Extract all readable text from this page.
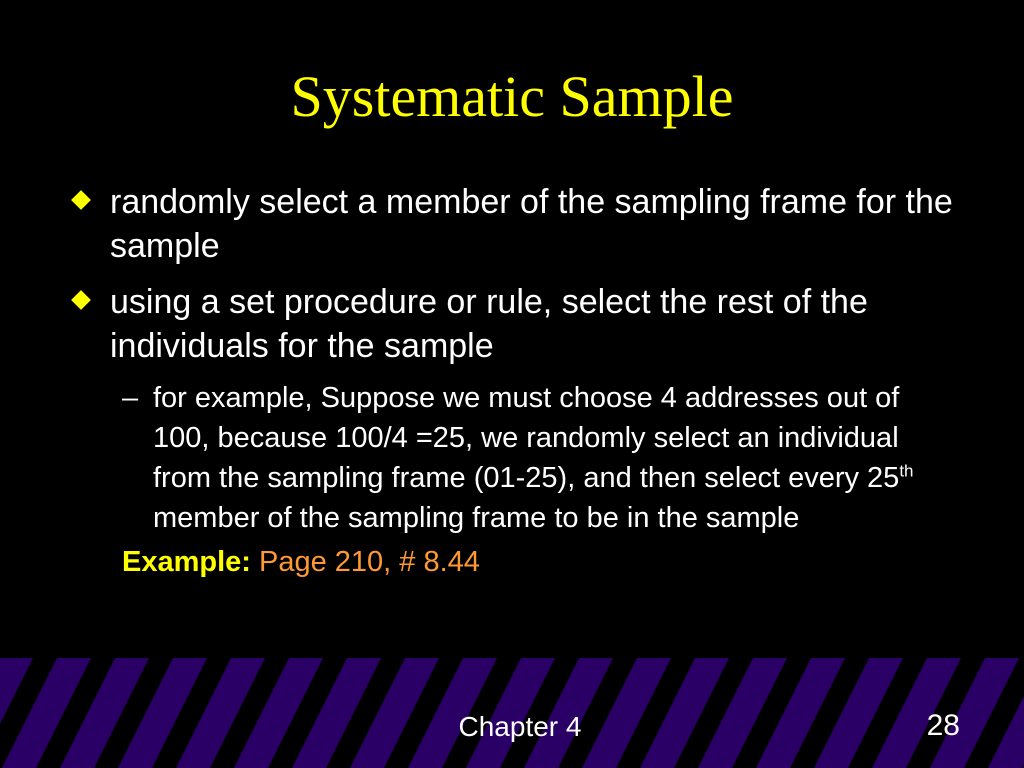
Systematic Sample
randomly select a member of the sampling frame for the sample
using a set procedure or rule, select the rest of the individuals for the sample
– for example, Suppose we must choose 4 addresses out of 100, because 100/4 =25, we randomly select an individual from the sampling frame (01-25), and then select every 25th member of the sampling frame to be in the sample
Example: Page 210, # 8.44
Chapter 4	28
